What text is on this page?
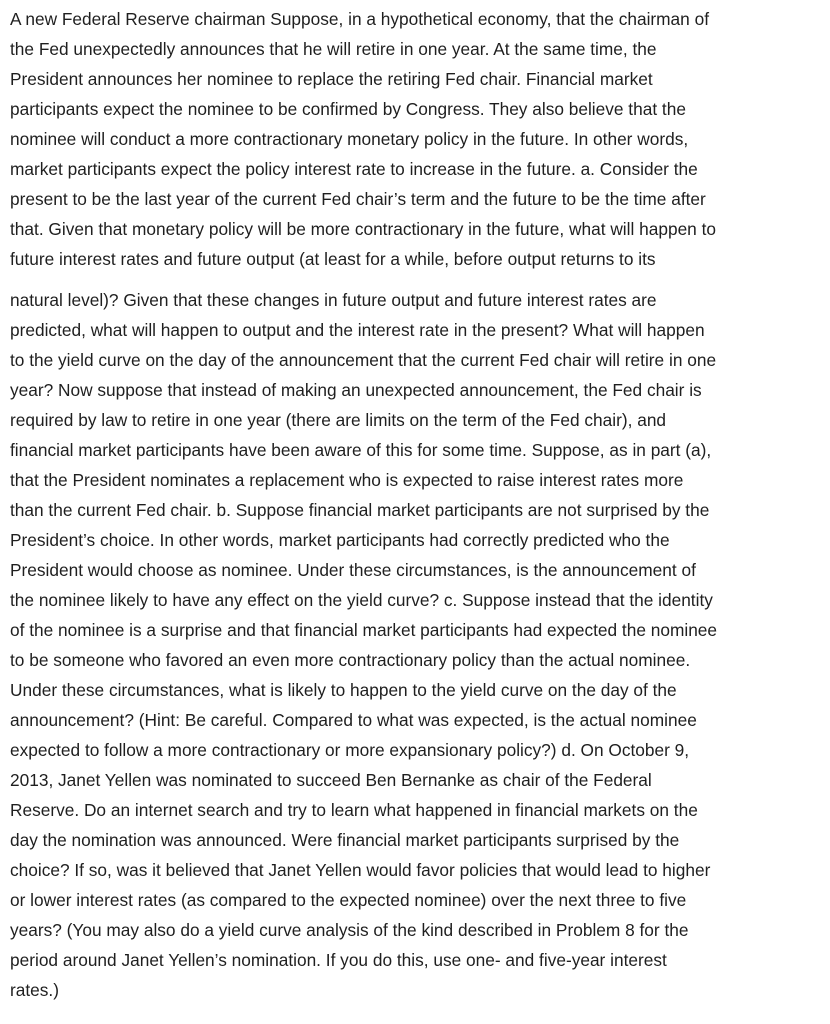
A new Federal Reserve chairman Suppose, in a hypothetical economy, that the chairman of
the Fed unexpectedly announces that he will retire in one year. At the same time, the
President announces her nominee to replace the retiring Fed chair. Financial market
participants expect the nominee to be confirmed by Congress. They also believe that the
nominee will conduct a more contractionary monetary policy in the future. In other words,
market participants expect the policy interest rate to increase in the future. a. Consider the
present to be the last year of the current Fed chair’s term and the future to be the time after
that. Given that monetary policy will be more contractionary in the future, what will happen to
future interest rates and future output (at least for a while, before output returns to its

natural level)? Given that these changes in future output and future interest rates are
predicted, what will happen to output and the interest rate in the present? What will happen
to the yield curve on the day of the announcement that the current Fed chair will retire in one
year? Now suppose that instead of making an unexpected announcement, the Fed chair is
required by law to retire in one year (there are limits on the term of the Fed chair), and
financial market participants have been aware of this for some time. Suppose, as in part (a),
that the President nominates a replacement who is expected to raise interest rates more
than the current Fed chair. b. Suppose financial market participants are not surprised by the
President’s choice. In other words, market participants had correctly predicted who the
President would choose as nominee. Under these circumstances, is the announcement of
the nominee likely to have any effect on the yield curve? c. Suppose instead that the identity
of the nominee is a surprise and that financial market participants had expected the nominee
to be someone who favored an even more contractionary policy than the actual nominee.
Under these circumstances, what is likely to happen to the yield curve on the day of the
announcement? (Hint: Be careful. Compared to what was expected, is the actual nominee
expected to follow a more contractionary or more expansionary policy?) d. On October 9,
2013, Janet Yellen was nominated to succeed Ben Bernanke as chair of the Federal
Reserve. Do an internet search and try to learn what happened in financial markets on the
day the nomination was announced. Were financial market participants surprised by the
choice? If so, was it believed that Janet Yellen would favor policies that would lead to higher
or lower interest rates (as compared to the expected nominee) over the next three to five
years? (You may also do a yield curve analysis of the kind described in Problem 8 for the
period around Janet Yellen’s nomination. If you do this, use one- and five-year interest
rates.)
